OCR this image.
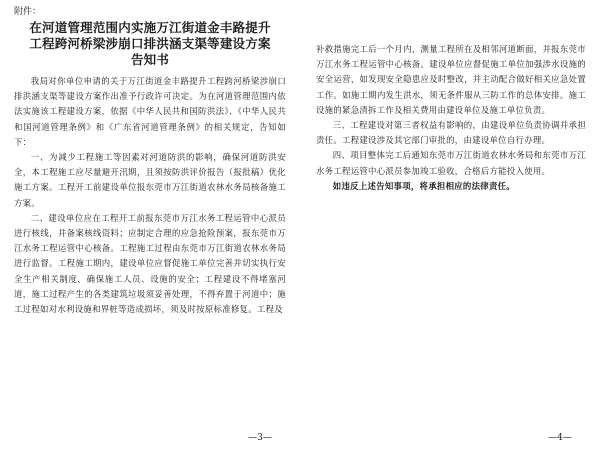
附件：
在河道管理范围内实施万江街道金丰路提升
工程跨河桥梁涉崩口排洪涵支渠等建设方案
告知书

我局对你单位申请的关于万江街道金丰路提升工程跨河桥梁涉崩口排洪涵支渠等建设方案作出准予行政许可决定。为在河道管理范围内依法实施该工程建设方案，依据《中华人民共和国防洪法》、《中华人民共和国河道管理条例》和《广东省河道管理条例》的相关规定，告知如下：

一、为减少工程施工等因素对河道防洪的影响，确保河道防洪安全，本工程施工应尽量避开汛期，且须按防洪评价报告（报批稿）优化施工方案。工程开工前建设单位报东莞市万江街道农林水务局核备施工方案。

二、建设单位应在工程开工前报东莞市万江水务工程运管中心派员进行核线，并备案核线资料；应制定合理的应急抢险预案，报东莞市万江水务工程运管中心核备。工程施工过程由东莞市万江街道农林水务局进行监督。工程施工期内，建设单位应督促施工单位完善并切实执行安全生产相关制度，确保施工人员、设施的安全；工程建设不得堵塞河道，施工过程产生的各类建筑垃圾须妥善处理，不得弃置于河道中；施工过程如对水利设施和界桩等造成损坏，须及时按原标准修复。工程及

—3—

补救措施完工后一个月内，测量工程所在及相邻河道断面，并报东莞市万江水务工程运管中心核备。建设单位应督促施工单位加强涉水设施的安全运营，如发现安全隐患应及时整改，并主动配合做好相关应急处置工作。如施工期内发生洪水，须无条件服从三防工作的总体安排。施工设施的紧急清拆工作及相关费用由建设单位及施工单位负责。

三、工程建设对第三者权益有影响的，由建设单位负责协调并承担责任。工程建设涉及其它部门审批的，由建设单位自行办理。

四、项目整体完工后通知东莞市万江街道农林水务局和东莞市万江水务工程运管中心派员参加竣工验收，合格后方能投入使用。

如违反上述告知事项，将承担相应的法律责任。

—4—
